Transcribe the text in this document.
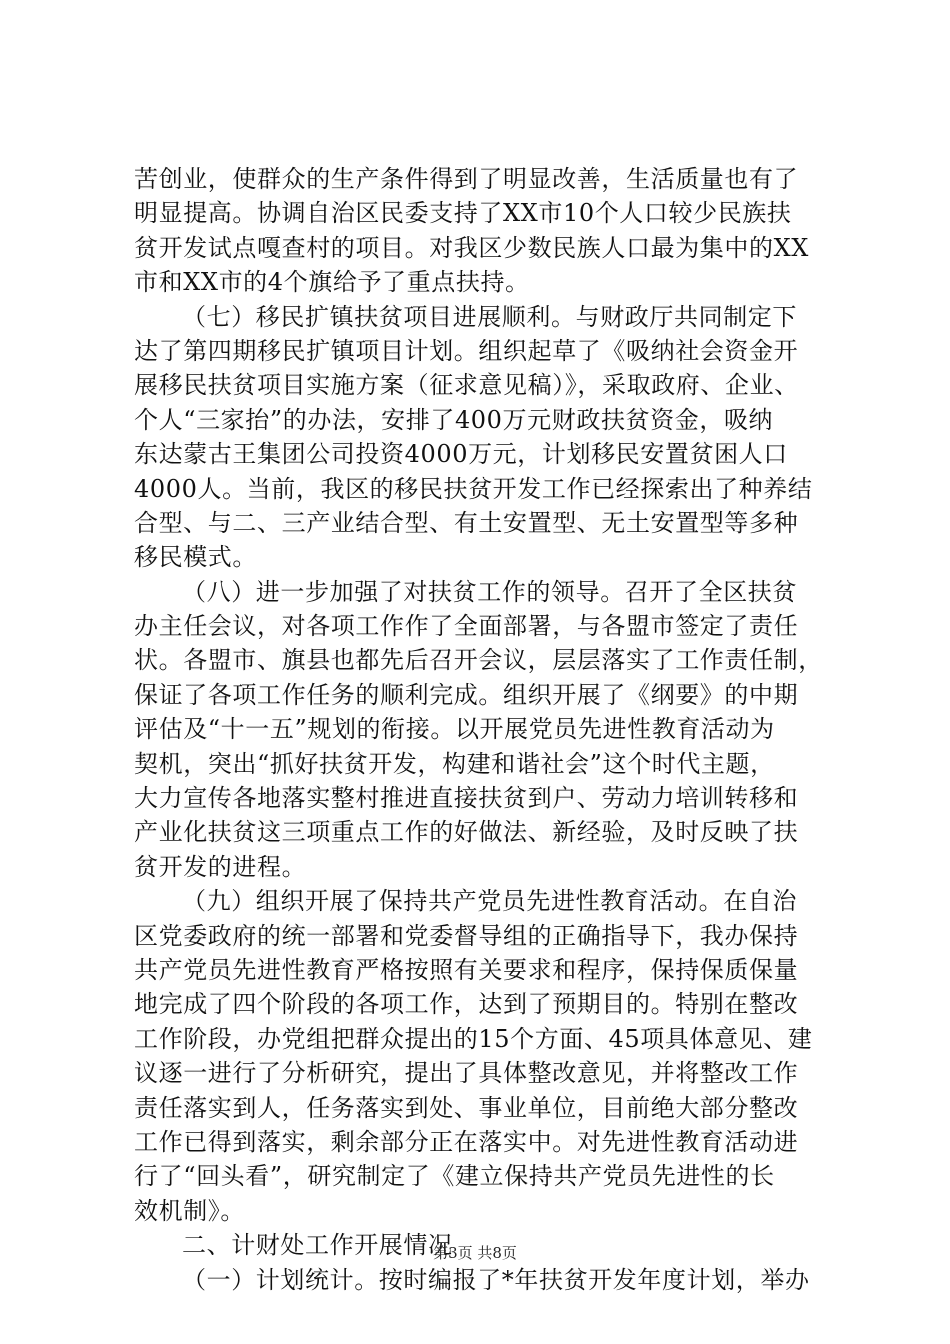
苦创业，使群众的生产条件得到了明显改善，生活质量也有了
明显提高。协调自治区民委支持了XX市10个人口较少民族扶
贫开发试点嘎查村的项目。对我区少数民族人口最为集中的XX
市和XX市的4个旗给予了重点扶持。
（七）移民扩镇扶贫项目进展顺利。与财政厅共同制定下
达了第四期移民扩镇项目计划。组织起草了《吸纳社会资金开
展移民扶贫项目实施方案（征求意见稿）》，采取政府、企业、
个人“三家抬”的办法，安排了400万元财政扶贫资金，吸纳
东达蒙古王集团公司投资4000万元，计划移民安置贫困人口
4000人。当前，我区的移民扶贫开发工作已经探索出了种养结
合型、与二、三产业结合型、有土安置型、无土安置型等多种
移民模式。
（八）进一步加强了对扶贫工作的领导。召开了全区扶贫
办主任会议，对各项工作作了全面部署，与各盟市签定了责任
状。各盟市、旗县也都先后召开会议，层层落实了工作责任制，
保证了各项工作任务的顺利完成。组织开展了《纲要》的中期
评估及“十一五”规划的衔接。以开展党员先进性教育活动为
契机，突出“抓好扶贫开发，构建和谐社会”这个时代主题，
大力宣传各地落实整村推进直接扶贫到户、劳动力培训转移和
产业化扶贫这三项重点工作的好做法、新经验，及时反映了扶
贫开发的进程。
（九）组织开展了保持共产党员先进性教育活动。在自治
区党委政府的统一部署和党委督导组的正确指导下，我办保持
共产党员先进性教育严格按照有关要求和程序，保持保质保量
地完成了四个阶段的各项工作，达到了预期目的。特别在整改
工作阶段，办党组把群众提出的15个方面、45项具体意见、建
议逐一进行了分析研究，提出了具体整改意见，并将整改工作
责任落实到人，任务落实到处、事业单位，目前绝大部分整改
工作已得到落实，剩余部分正在落实中。对先进性教育活动进
行了“回头看”，研究制定了《建立保持共产党员先进性的长
效机制》。
二、计财处工作开展情况
（一）计划统计。按时编报了*年扶贫开发年度计划，举办
第3页 共8页
